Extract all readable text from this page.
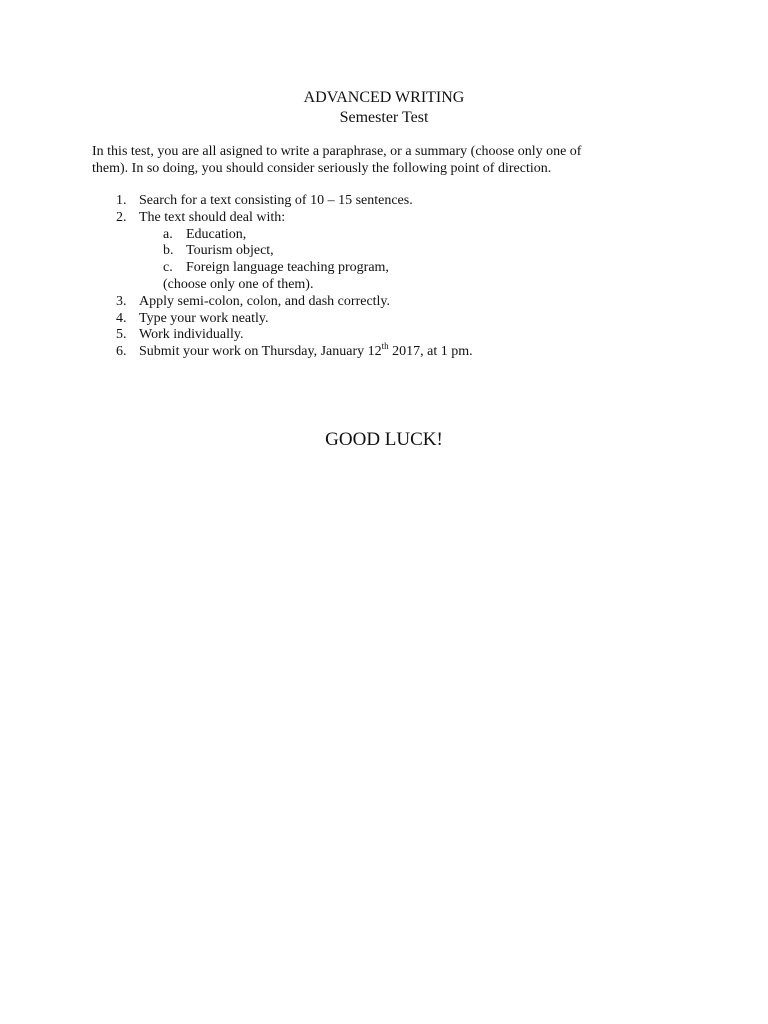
ADVANCED WRITING
Semester Test

In this test, you are all asigned to write a paraphrase, or a summary (choose only one of
them). In so doing, you should consider seriously the following point of direction.

1. Search for a text consisting of 10 – 15 sentences.
2. The text should deal with:
a. Education,
b. Tourism object,
c. Foreign language teaching program,
(choose only one of them).
3. Apply semi-colon, colon, and dash correctly.
4. Type your work neatly.
5. Work individually.
6. Submit your work on Thursday, January 12th 2017, at 1 pm.

GOOD LUCK!
